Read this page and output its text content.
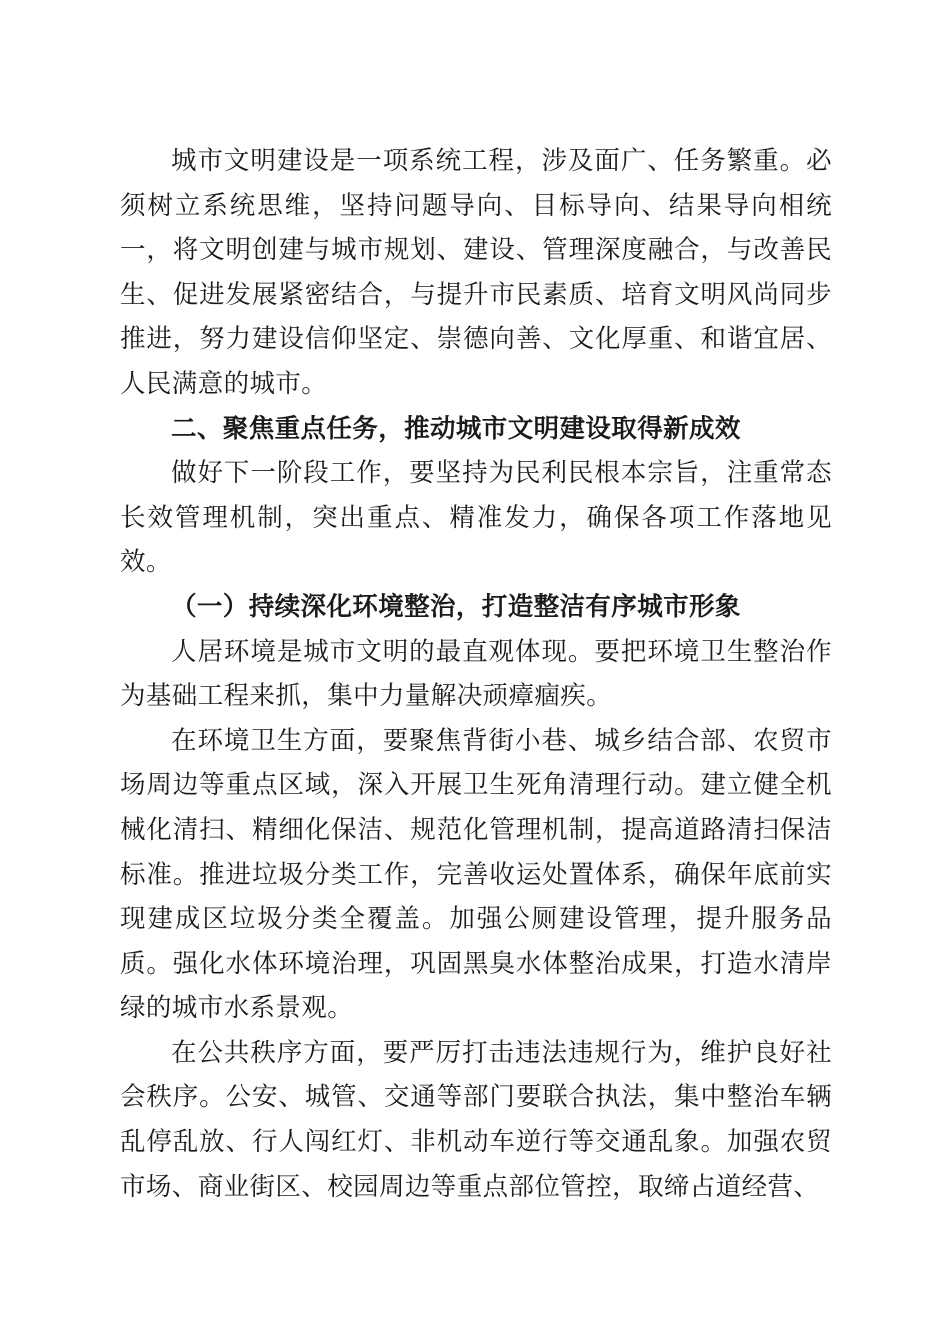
城市文明建设是一项系统工程，涉及面广、任务繁重。必须树立系统思维，坚持问题导向、目标导向、结果导向相统一，将文明创建与城市规划、建设、管理深度融合，与改善民生、促进发展紧密结合，与提升市民素质、培育文明风尚同步推进，努力建设信仰坚定、崇德向善、文化厚重、和谐宜居、人民满意的城市。

二、聚焦重点任务，推动城市文明建设取得新成效

做好下一阶段工作，要坚持为民利民根本宗旨，注重常态长效管理机制，突出重点、精准发力，确保各项工作落地见效。

（一）持续深化环境整治，打造整洁有序城市形象

人居环境是城市文明的最直观体现。要把环境卫生整治作为基础工程来抓，集中力量解决顽瘴痼疾。

在环境卫生方面，要聚焦背街小巷、城乡结合部、农贸市场周边等重点区域，深入开展卫生死角清理行动。建立健全机械化清扫、精细化保洁、规范化管理机制，提高道路清扫保洁标准。推进垃圾分类工作，完善收运处置体系，确保年底前实现建成区垃圾分类全覆盖。加强公厕建设管理，提升服务品质。强化水体环境治理，巩固黑臭水体整治成果，打造水清岸绿的城市水系景观。

在公共秩序方面，要严厉打击违法违规行为，维护良好社会秩序。公安、城管、交通等部门要联合执法，集中整治车辆乱停乱放、行人闯红灯、非机动车逆行等交通乱象。加强农贸市场、商业街区、校园周边等重点部位管控，取缔占道经营、
